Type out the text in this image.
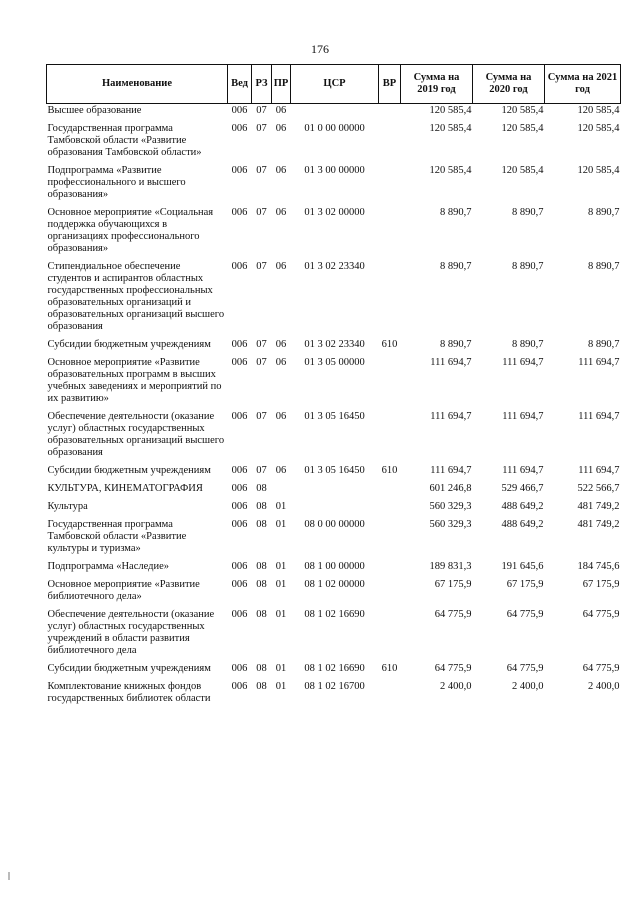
176
Наименование	Вед	РЗ	ПР	ЦСР	ВР	Сумма на 2019 год	Сумма на 2020 год	Сумма на 2021 год
Высшее образование	006	07	06			120 585,4	120 585,4	120 585,4
Государственная программа Тамбовской области «Развитие образования Тамбовской области»	006	07	06	01 0 00 00000		120 585,4	120 585,4	120 585,4
Подпрограмма «Развитие профессионального и высшего образования»	006	07	06	01 3 00 00000		120 585,4	120 585,4	120 585,4
Основное мероприятие «Социальная поддержка обучающихся в организациях профессионального образования»	006	07	06	01 3 02 00000		8 890,7	8 890,7	8 890,7
Стипендиальное обеспечение студентов и аспирантов областных государственных профессиональных образовательных организаций и образовательных организаций высшего образования	006	07	06	01 3 02 23340		8 890,7	8 890,7	8 890,7
Субсидии бюджетным учреждениям	006	07	06	01 3 02 23340	610	8 890,7	8 890,7	8 890,7
Основное мероприятие «Развитие образовательных программ в высших учебных заведениях и мероприятий по их развитию»	006	07	06	01 3 05 00000		111 694,7	111 694,7	111 694,7
Обеспечение деятельности (оказание услуг) областных государственных образовательных организаций высшего образования	006	07	06	01 3 05 16450		111 694,7	111 694,7	111 694,7
Субсидии бюджетным учреждениям	006	07	06	01 3 05 16450	610	111 694,7	111 694,7	111 694,7
КУЛЬТУРА, КИНЕМАТОГРАФИЯ	006	08				601 246,8	529 466,7	522 566,7
Культура	006	08	01			560 329,3	488 649,2	481 749,2
Государственная программа Тамбовской области «Развитие культуры и туризма»	006	08	01	08 0 00 00000		560 329,3	488 649,2	481 749,2
Подпрограмма «Наследие»	006	08	01	08 1 00 00000		189 831,3	191 645,6	184 745,6
Основное мероприятие «Развитие библиотечного дела»	006	08	01	08 1 02 00000		67 175,9	67 175,9	67 175,9
Обеспечение деятельности (оказание услуг) областных государственных учреждений в области развития библиотечного дела	006	08	01	08 1 02 16690		64 775,9	64 775,9	64 775,9
Субсидии бюджетным учреждениям	006	08	01	08 1 02 16690	610	64 775,9	64 775,9	64 775,9
Комплектование книжных фондов государственных библиотек области	006	08	01	08 1 02 16700		2 400,0	2 400,0	2 400,0
